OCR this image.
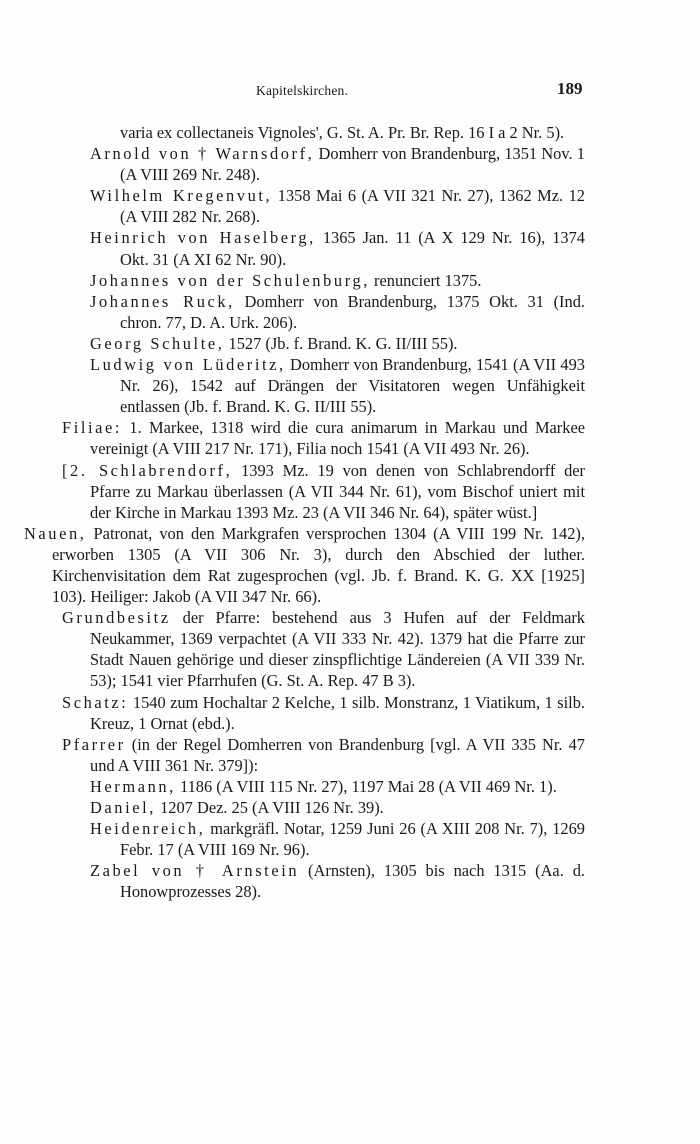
Kapitelskirchen.	189

varia ex collectaneis Vignoles', G. St. A. Pr. Br. Rep. 16 I a 2 Nr. 5).

Arnold von † Warnsdorf, Domherr von Brandenburg, 1351 Nov. 1 (A VIII 269 Nr. 248).

Wilhelm Kregenvut, 1358 Mai 6 (A VII 321 Nr. 27), 1362 Mz. 12 (A VIII 282 Nr. 268).

Heinrich von Haselberg, 1365 Jan. 11 (A X 129 Nr. 16), 1374 Okt. 31 (A XI 62 Nr. 90).

Johannes von der Schulenburg, renunciert 1375.

Johannes Ruck, Domherr von Brandenburg, 1375 Okt. 31 (Ind. chron. 77, D. A. Urk. 206).

Georg Schulte, 1527 (Jb. f. Brand. K. G. II/III 55).

Ludwig von Lüderitz, Domherr von Brandenburg, 1541 (A VII 493 Nr. 26), 1542 auf Drängen der Visitatoren wegen Unfähigkeit entlassen (Jb. f. Brand. K. G. II/III 55).

Filiae: 1. Markee, 1318 wird die cura animarum in Markau und Markee vereinigt (A VIII 217 Nr. 171), Filia noch 1541 (A VII 493 Nr. 26).

[2. Schlabrendorf, 1393 Mz. 19 von denen von Schlabrendorff der Pfarre zu Markau überlassen (A VII 344 Nr. 61), vom Bischof uniert mit der Kirche in Markau 1393 Mz. 23 (A VII 346 Nr. 64), später wüst.]

Nauen, Patronat, von den Markgrafen versprochen 1304 (A VIII 199 Nr. 142), erworben 1305 (A VII 306 Nr. 3), durch den Abschied der luther. Kirchenvisitation dem Rat zugesprochen (vgl. Jb. f. Brand. K. G. XX [1925] 103). Heiliger: Jakob (A VII 347 Nr. 66).

Grundbesitz der Pfarre: bestehend aus 3 Hufen auf der Feldmark Neukammer, 1369 verpachtet (A VII 333 Nr. 42). 1379 hat die Pfarre zur Stadt Nauen gehörige und dieser zinspflichtige Ländereien (A VII 339 Nr. 53); 1541 vier Pfarrhufen (G. St. A. Rep. 47 B 3).

Schatz: 1540 zum Hochaltar 2 Kelche, 1 silb. Monstranz, 1 Viatikum, 1 silb. Kreuz, 1 Ornat (ebd.).

Pfarrer (in der Regel Domherren von Brandenburg [vgl. A VII 335 Nr. 47 und A VIII 361 Nr. 379]):

Hermann, 1186 (A VIII 115 Nr. 27), 1197 Mai 28 (A VII 469 Nr. 1).

Daniel, 1207 Dez. 25 (A VIII 126 Nr. 39).

Heidenreich, markgräfl. Notar, 1259 Juni 26 (A XIII 208 Nr. 7), 1269 Febr. 17 (A VIII 169 Nr. 96).

Zabel von † Arnstein (Arnsten), 1305 bis nach 1315 (Aa. d. Honowprozesses 28).
